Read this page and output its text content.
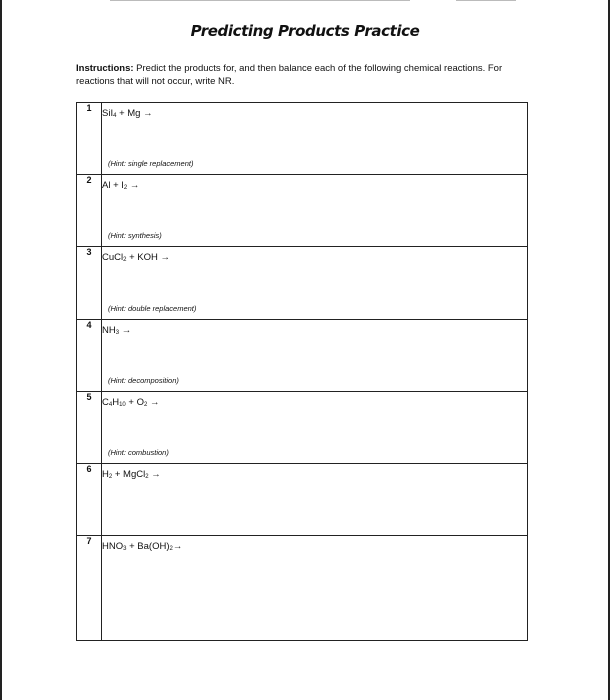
Predicting Products Practice
Instructions: Predict the products for, and then balance each of the following chemical reactions. For reactions that will not occur, write NR.
1	SiI$_4$ + Mg →
(Hint: single replacement)

2	$Al + I_2$ →
(Hint: synthesis)

3	CuCl$_2$ + KOH →
(Hint: double replacement)

4	$NH_3$ →
(Hint: decomposition)

5	$C_4H_{10} + O_2$ →
(Hint: combustion)

6	$H_2$ + MgCl$_2$ →
7	$HNO_3 + Ba(OH)_2\to$
